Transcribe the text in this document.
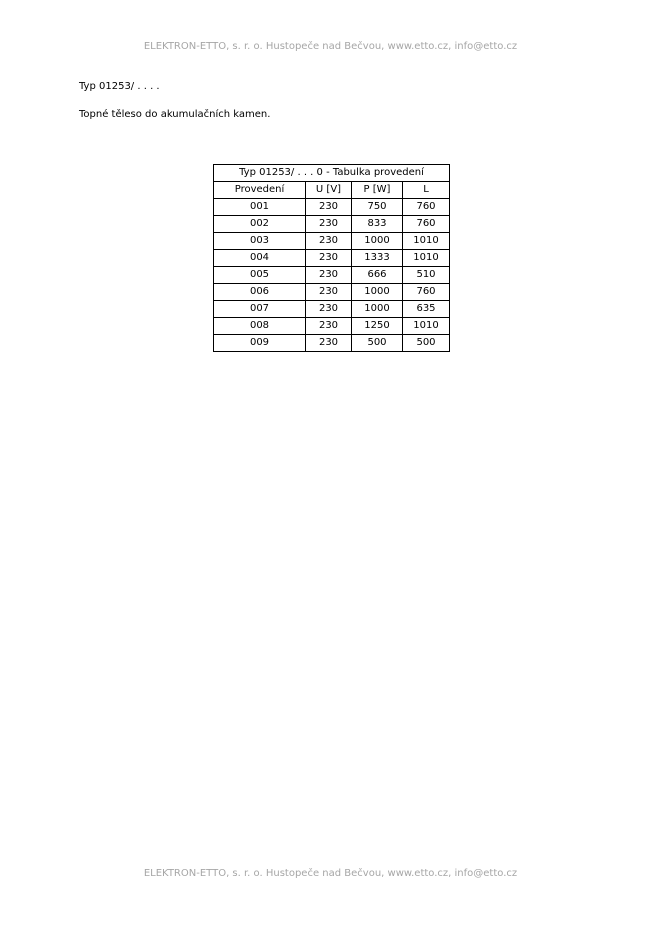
ELEKTRON-ETTO, s. r. o. Hustopeče nad Bečvou, www.etto.cz, info@etto.cz
Typ 01253/ . . . .
Topné těleso do akumulačních kamen.
Typ 01253/ . . . 0 - Tabulka provedení			
Provedení	U [V]	P [W]	L
001	230	750	760
002	230	833	760
003	230	1000	1010
004	230	1333	1010
005	230	666	510
006	230	1000	760
007	230	1000	635
008	230	1250	1010
009	230	500	500
ELEKTRON-ETTO, s. r. o. Hustopeče nad Bečvou, www.etto.cz, info@etto.cz
